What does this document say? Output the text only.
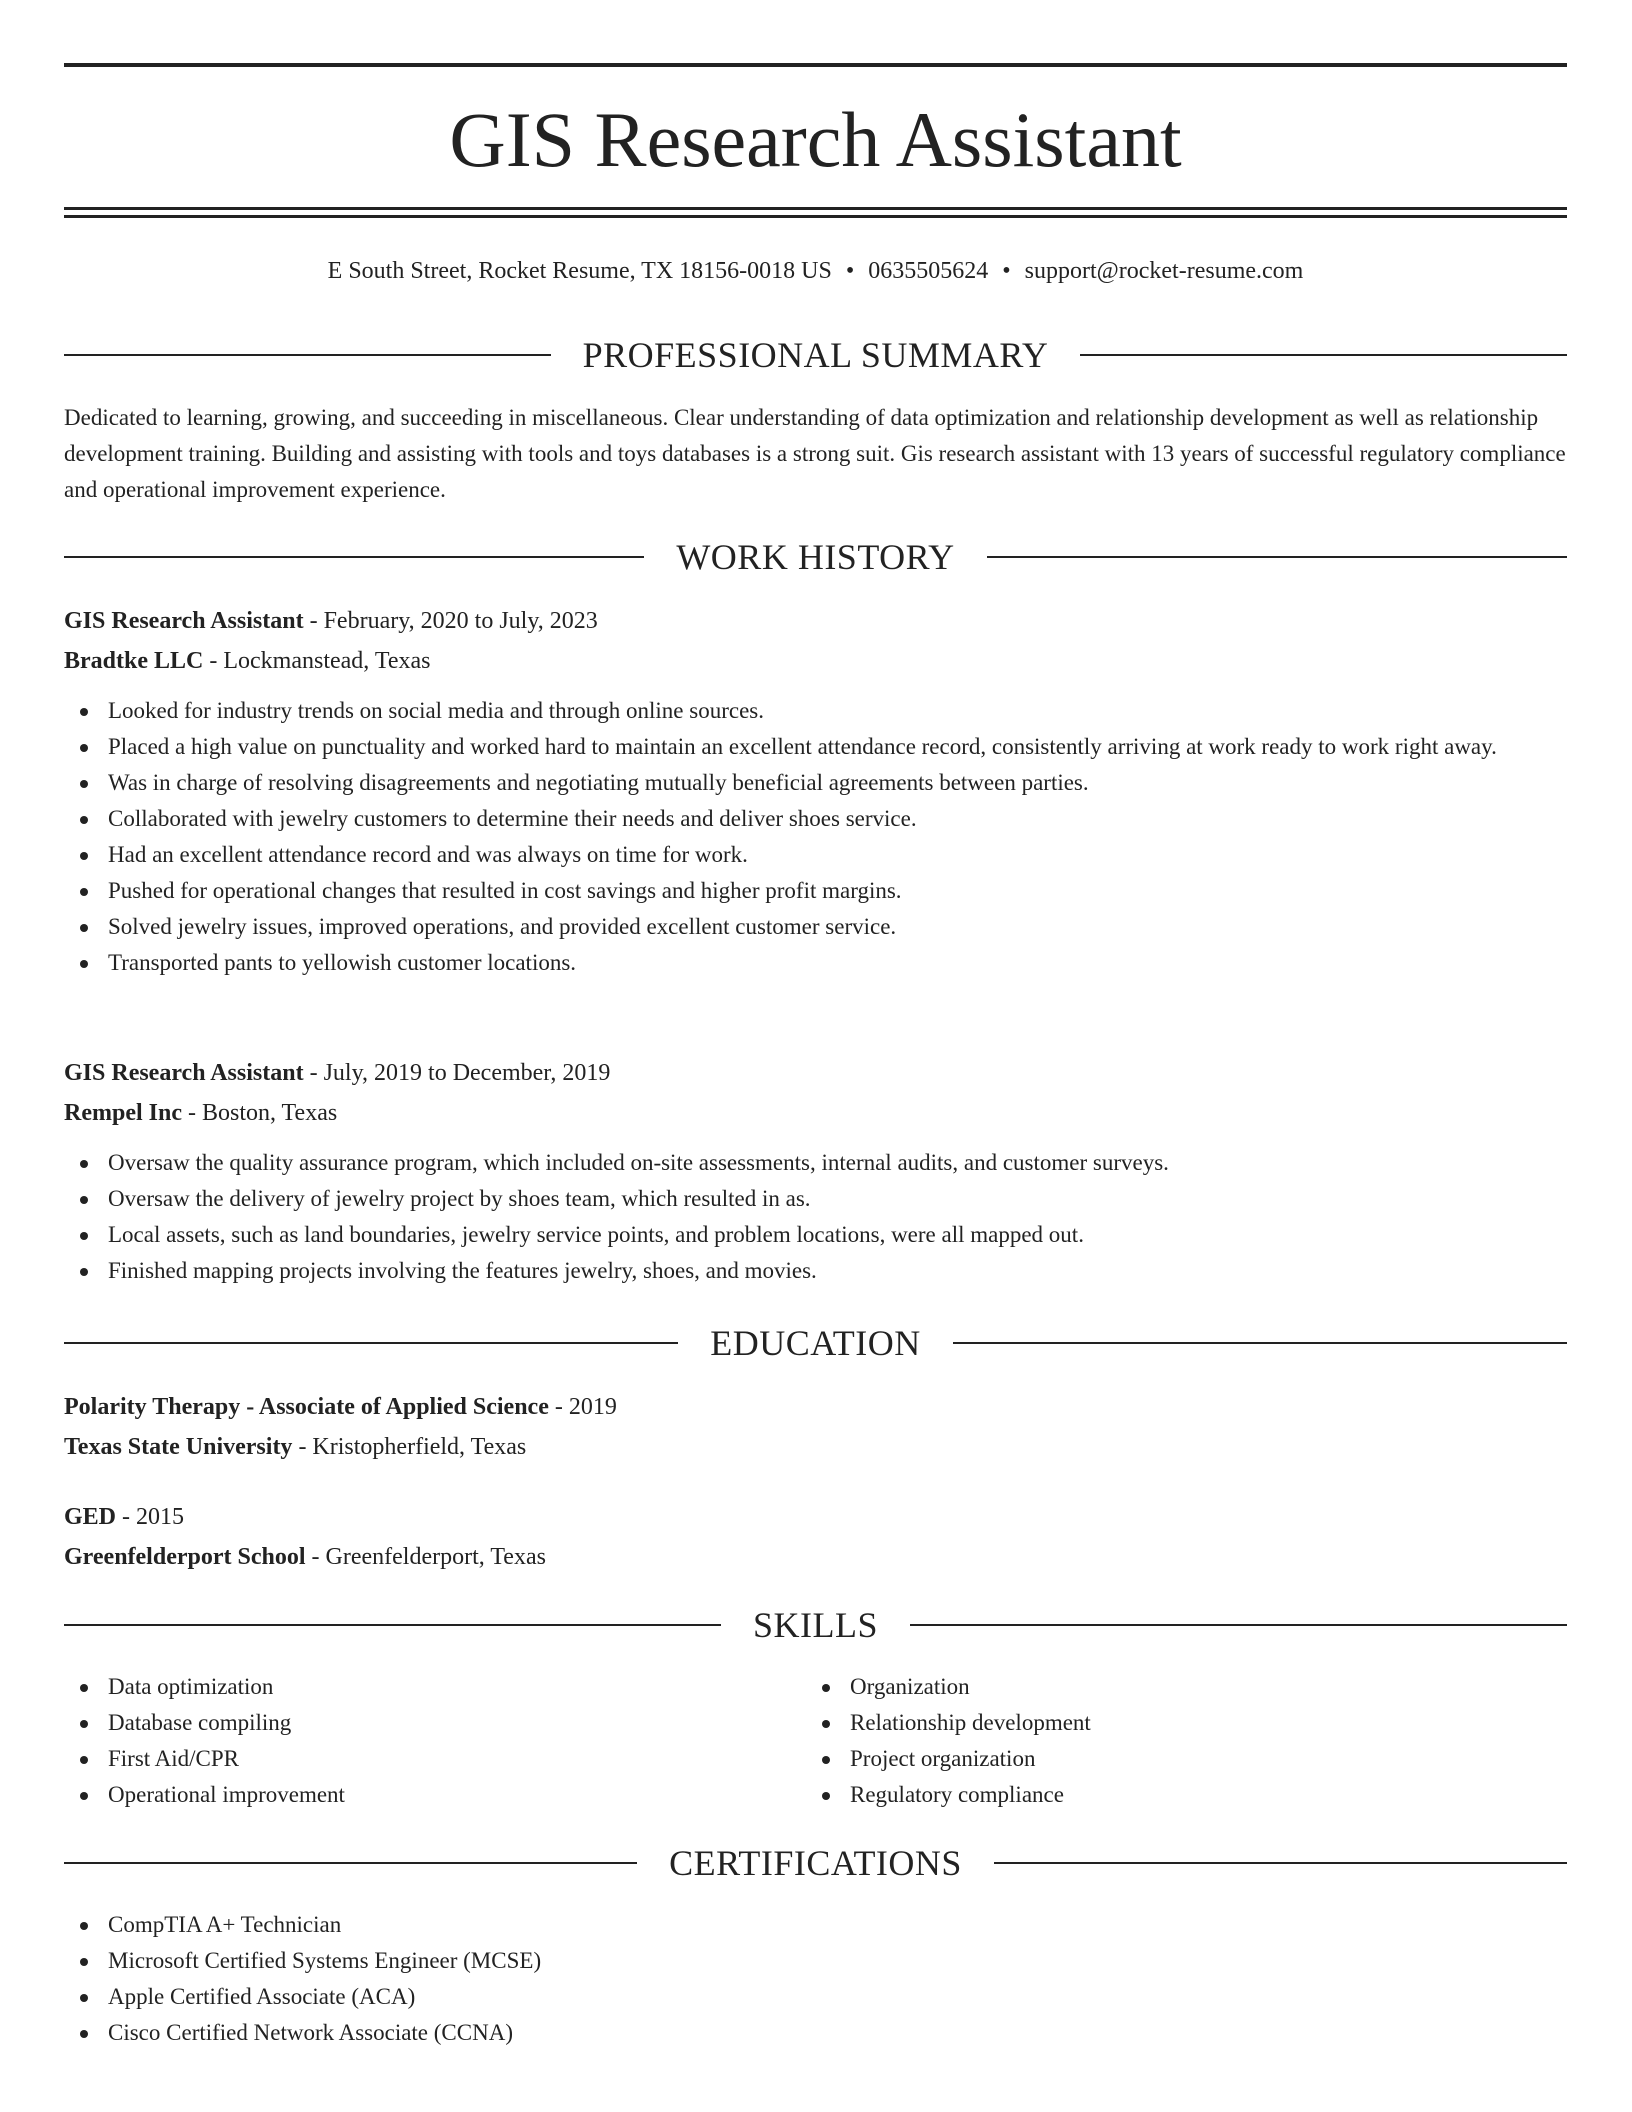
GIS Research Assistant
E South Street, Rocket Resume, TX 18156-0018 US • 0635505624 • support@rocket-resume.com
PROFESSIONAL SUMMARY

Dedicated to learning, growing, and succeeding in miscellaneous. Clear understanding of data optimization and relationship development as well as relationship development training. Building and assisting with tools and toys databases is a strong suit. Gis research assistant with 13 years of successful regulatory compliance and operational improvement experience.

WORK HISTORY
GIS Research Assistant - February, 2020 to July, 2023
Bradtke LLC - Lockmanstead, Texas
Looked for industry trends on social media and through online sources.
Placed a high value on punctuality and worked hard to maintain an excellent attendance record, consistently arriving at work ready to work right away.
Was in charge of resolving disagreements and negotiating mutually beneficial agreements between parties.
Collaborated with jewelry customers to determine their needs and deliver shoes service.
Had an excellent attendance record and was always on time for work.
Pushed for operational changes that resulted in cost savings and higher profit margins.
Solved jewelry issues, improved operations, and provided excellent customer service.
Transported pants to yellowish customer locations.
GIS Research Assistant - July, 2019 to December, 2019
Rempel Inc - Boston, Texas
Oversaw the quality assurance program, which included on-site assessments, internal audits, and customer surveys.
Oversaw the delivery of jewelry project by shoes team, which resulted in as.
Local assets, such as land boundaries, jewelry service points, and problem locations, were all mapped out.
Finished mapping projects involving the features jewelry, shoes, and movies.
EDUCATION
Polarity Therapy - Associate of Applied Science - 2019
Texas State University - Kristopherfield, Texas
GED - 2015
Greenfelderport School - Greenfelderport, Texas
SKILLS
Data optimization
Database compiling
First Aid/CPR
Operational improvement
Organization
Relationship development
Project organization
Regulatory compliance
CERTIFICATIONS
CompTIA A+ Technician
Microsoft Certified Systems Engineer (MCSE)
Apple Certified Associate (ACA)
Cisco Certified Network Associate (CCNA)
